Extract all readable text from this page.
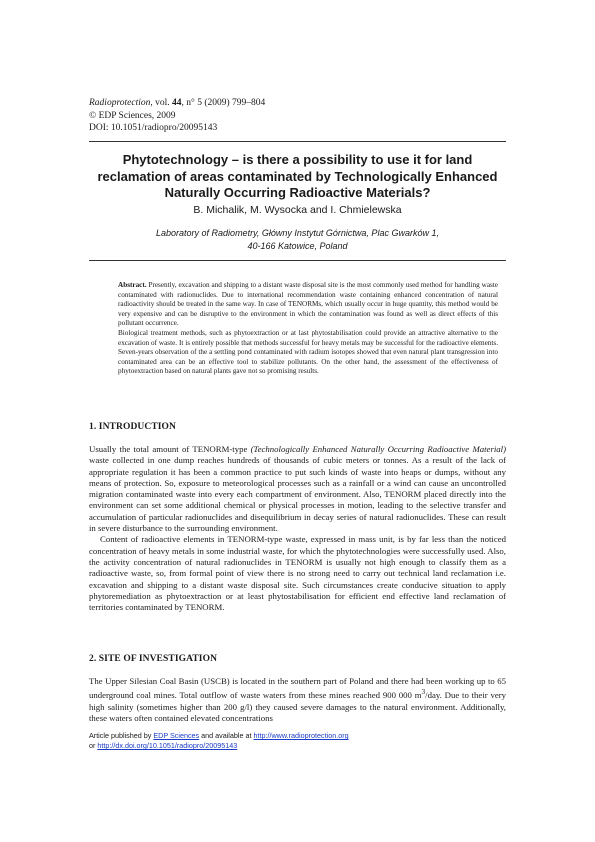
Radioprotection, vol. 44, n° 5 (2009) 799–804
© EDP Sciences, 2009
DOI: 10.1051/radiopro/20095143
Phytotechnology – is there a possibility to use it for land reclamation of areas contaminated by Technologically Enhanced Naturally Occurring Radioactive Materials?
B. Michalik, M. Wysocka and I. Chmielewska
Laboratory of Radiometry, Główny Instytut Górnictwa, Plac Gwarków 1,
40-166 Katowice, Poland

Abstract. Presently, excavation and shipping to a distant waste disposal site is the most commonly used method for handling waste contaminated with radionuclides. Due to international recommendation waste containing enhanced concentration of natural radioactivity should be treated in the same way. In case of TENORMs, which usually occur in huge quantity, this method would be very expensive and can be disruptive to the environment in which the contamination was found as well as direct effects of this pollutant occurrence.

Biological treatment methods, such as phytoextraction or at last phytostabilisation could provide an attractive alternative to the excavation of waste. It is entirely possible that methods successful for heavy metals may be successful for the radioactive elements. Seven-years observation of the a settling pond contaminated with radium isotopes showed that even natural plant transgression into contaminated area can be an effective tool to stabilize pollutants. On the other hand, the assessment of the effectiveness of phytoextraction based on natural plants gave not so promising results.

1. INTRODUCTION

Usually the total amount of TENORM-type (Technologically Enhanced Naturally Occurring Radioactive Material) waste collected in one dump reaches hundreds of thousands of cubic meters or tonnes. As a result of the lack of appropriate regulation it has been a common practice to put such kinds of waste into heaps or dumps, without any means of protection. So, exposure to meteorological processes such as a rainfall or a wind can cause an uncontrolled migration contaminated waste into every each compartment of environment. Also, TENORM placed directly into the environment can set some additional chemical or physical processes in motion, leading to the selective transfer and accumulation of particular radionuclides and disequilibrium in decay series of natural radionuclides. These can result in severe disturbance to the surrounding environment.

Content of radioactive elements in TENORM-type waste, expressed in mass unit, is by far less than the noticed concentration of heavy metals in some industrial waste, for which the phytotechnologies were successfully used. Also, the activity concentration of natural radionuclides in TENORM is usually not high enough to classify them as a radioactive waste, so, from formal point of view there is no strong need to carry out technical land reclamation i.e. excavation and shipping to a distant waste disposal site. Such circumstances create conducive situation to apply phytoremediation as phytoextraction or at least phytostabilisation for efficient end effective land reclamation of territories contaminated by TENORM.

2. SITE OF INVESTIGATION

The Upper Silesian Coal Basin (USCB) is located in the southern part of Poland and there had been working up to 65 underground coal mines. Total outflow of waste waters from these mines reached 900 000 $m^3$/day. Due to their very high salinity (sometimes higher than 200 g/l) they caused severe damages to the natural environment. Additionally, these waters often contained elevated concentrations

Article published by EDP Sciences and available at http://www.radioprotection.org
or http://dx.doi.org/10.1051/radiopro/20095143
